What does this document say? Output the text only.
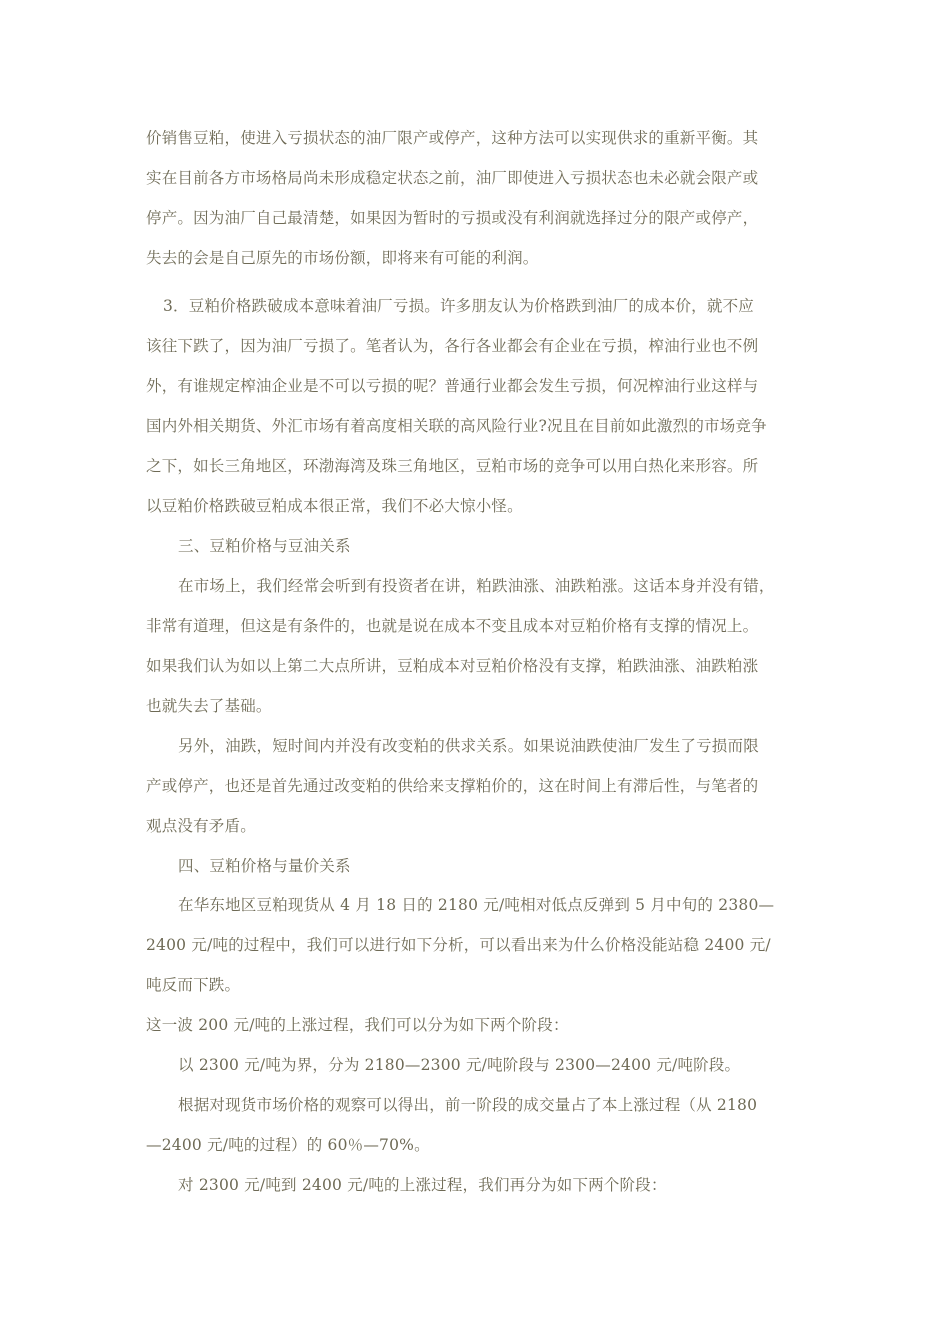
价销售豆粕，使进入亏损状态的油厂限产或停产，这种方法可以实现供求的重新平衡。其
实在目前各方市场格局尚未形成稳定状态之前，油厂即使进入亏损状态也未必就会限产或
停产。因为油厂自己最清楚，如果因为暂时的亏损或没有利润就选择过分的限产或停产，
失去的会是自己原先的市场份额，即将来有可能的利润。
3．豆粕价格跌破成本意味着油厂亏损。许多朋友认为价格跌到油厂的成本价，就不应
该往下跌了，因为油厂亏损了。笔者认为，各行各业都会有企业在亏损，榨油行业也不例
外，有谁规定榨油企业是不可以亏损的呢？普通行业都会发生亏损，何况榨油行业这样与
国内外相关期货、外汇市场有着高度相关联的高风险行业?况且在目前如此激烈的市场竞争
之下，如长三角地区，环渤海湾及珠三角地区，豆粕市场的竞争可以用白热化来形容。所
以豆粕价格跌破豆粕成本很正常，我们不必大惊小怪。
三、豆粕价格与豆油关系
在市场上，我们经常会听到有投资者在讲，粕跌油涨、油跌粕涨。这话本身并没有错，
非常有道理，但这是有条件的，也就是说在成本不变且成本对豆粕价格有支撑的情况上。
如果我们认为如以上第二大点所讲，豆粕成本对豆粕价格没有支撑，粕跌油涨、油跌粕涨
也就失去了基础。
另外，油跌，短时间内并没有改变粕的供求关系。如果说油跌使油厂发生了亏损而限
产或停产，也还是首先通过改变粕的供给来支撑粕价的，这在时间上有滞后性，与笔者的
观点没有矛盾。
四、豆粕价格与量价关系
在华东地区豆粕现货从 4 月 18 日的 2180 元/吨相对低点反弹到 5 月中旬的 2380—
2400 元/吨的过程中，我们可以进行如下分析，可以看出来为什么价格没能站稳 2400 元/
吨反而下跌。
这一波 200 元/吨的上涨过程，我们可以分为如下两个阶段：
以 2300 元/吨为界，分为 2180—2300 元/吨阶段与 2300—2400 元/吨阶段。
根据对现货市场价格的观察可以得出，前一阶段的成交量占了本上涨过程（从 2180
—2400 元/吨的过程）的 60％—70%。
对 2300 元/吨到 2400 元/吨的上涨过程，我们再分为如下两个阶段：
